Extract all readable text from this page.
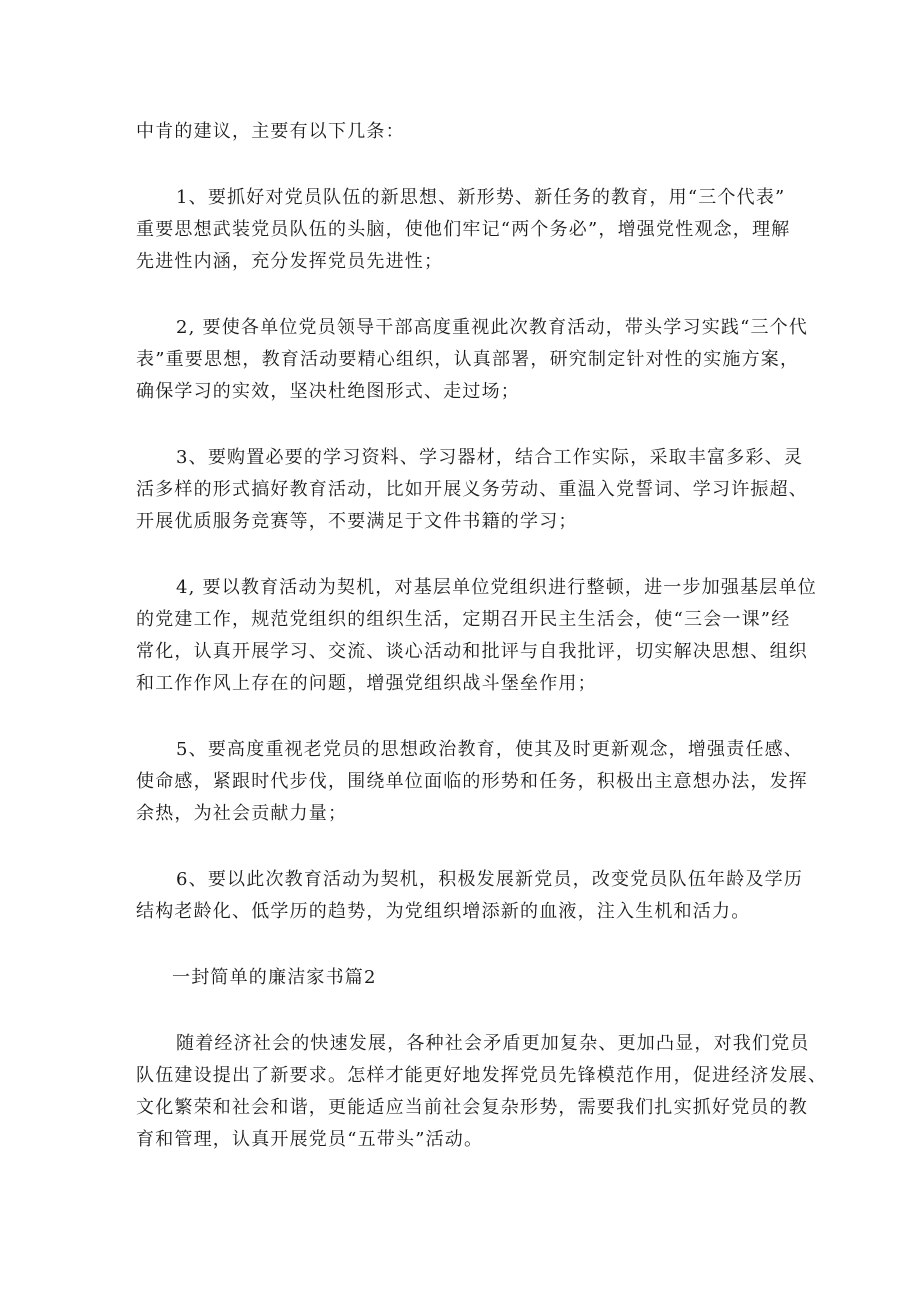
中肯的建议，主要有以下几条：

1、要抓好对党员队伍的新思想、新形势、新任务的教育，用“三个代表”

重要思想武装党员队伍的头脑，使他们牢记“两个务必”，增强党性观念，理解

先进性内涵，充分发挥党员先进性；

2, 要使各单位党员领导干部高度重视此次教育活动，带头学习实践“三个代

表”重要思想，教育活动要精心组织，认真部署，研究制定针对性的实施方案，

确保学习的实效，坚决杜绝图形式、走过场；

3、要购置必要的学习资料、学习器材，结合工作实际，采取丰富多彩、灵

活多样的形式搞好教育活动，比如开展义务劳动、重温入党誓词、学习许振超、

开展优质服务竞赛等，不要满足于文件书籍的学习；

4, 要以教育活动为契机，对基层单位党组织进行整顿，进一步加强基层单位

的党建工作，规范党组织的组织生活，定期召开民主生活会，使“三会一课”经

常化，认真开展学习、交流、谈心活动和批评与自我批评，切实解决思想、组织

和工作作风上存在的问题，增强党组织战斗堡垒作用；

5、要高度重视老党员的思想政治教育，使其及时更新观念，增强责任感、

使命感，紧跟时代步伐，围绕单位面临的形势和任务，积极出主意想办法，发挥

余热，为社会贡献力量；

6、要以此次教育活动为契机，积极发展新党员，改变党员队伍年龄及学历

结构老龄化、低学历的趋势，为党组织增添新的血液，注入生机和活力。

一封简单的廉洁家书篇2

随着经济社会的快速发展，各种社会矛盾更加复杂、更加凸显，对我们党员

队伍建设提出了新要求。怎样才能更好地发挥党员先锋模范作用，促进经济发展、

文化繁荣和社会和谐，更能适应当前社会复杂形势，需要我们扎实抓好党员的教

育和管理，认真开展党员“五带头”活动。
